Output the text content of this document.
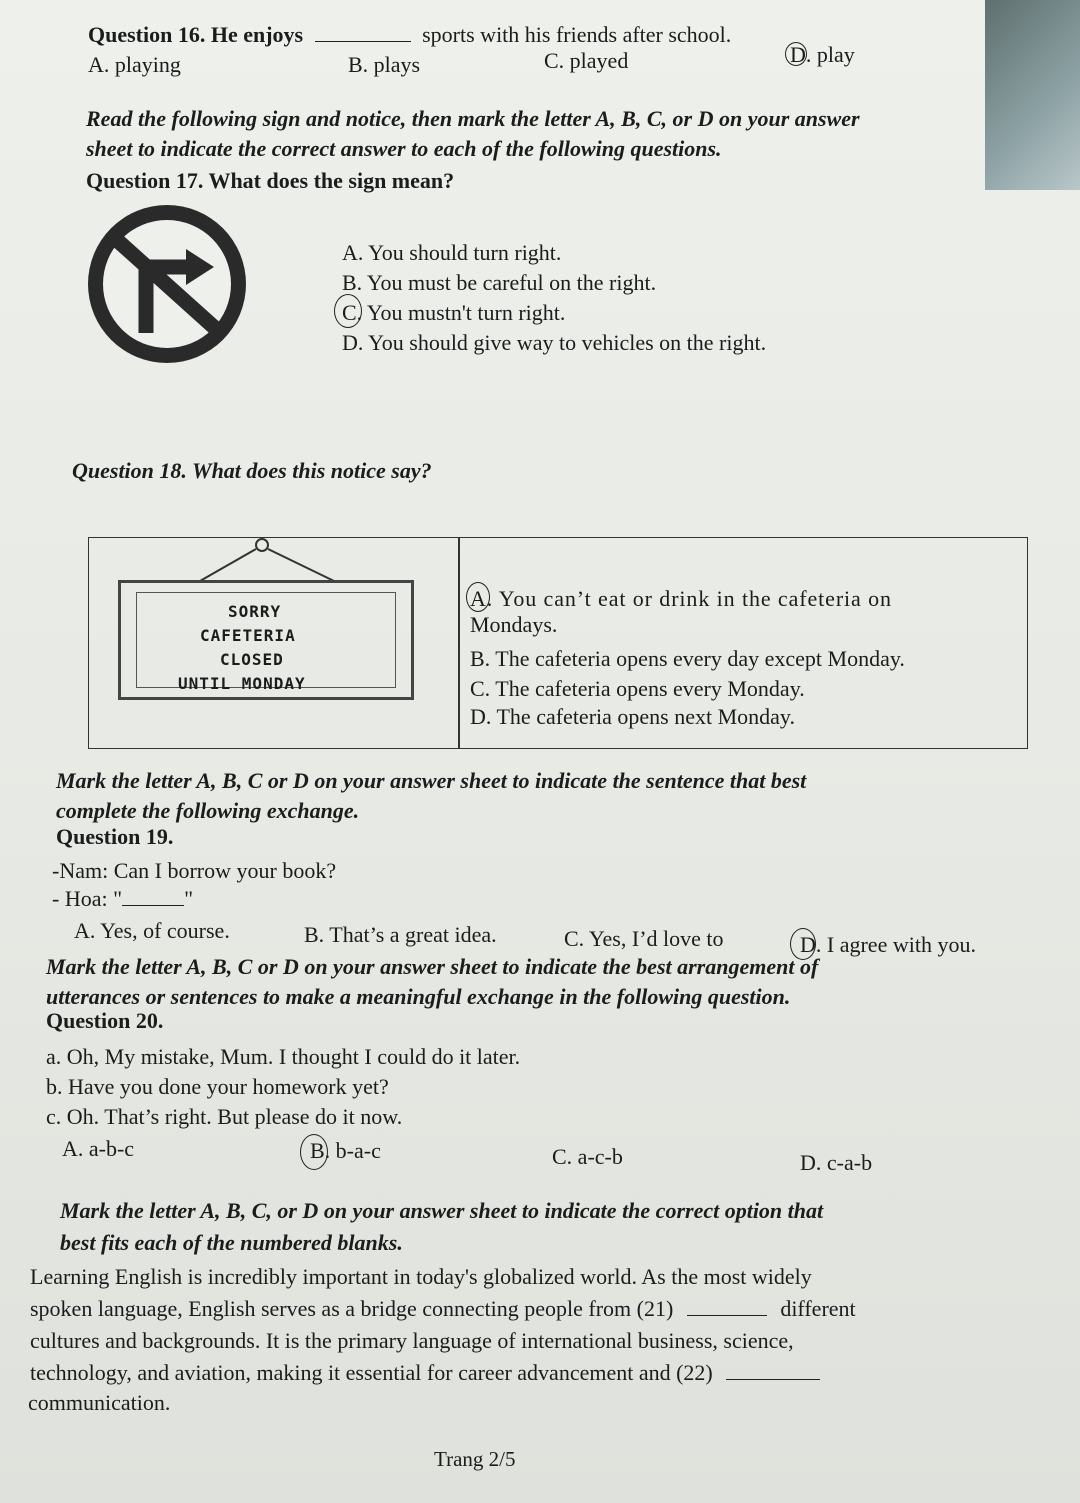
Question 16. He enjoys	sports with his friends after school.
A. playing	B. plays	C. played	D. play
Read the following sign and notice, then mark the letter A, B, C, or D on your answer
sheet to indicate the correct answer to each of the following questions.
Question 17. What does the sign mean?
A. You should turn right.
B. You must be careful on the right.
C. You mustn't turn right.
D. You should give way to vehicles on the right.
Question 18. What does this notice say?
SORRY
CAFETERIA
CLOSED
UNTIL MONDAY
A. You can’t eat or drink in the cafeteria on
Mondays.
B. The cafeteria opens every day except Monday.
C. The cafeteria opens every Monday.
D. The cafeteria opens next Monday.
Mark the letter A, B, C or D on your answer sheet to indicate the sentence that best
complete the following exchange.
Question 19.
-Nam: Can I borrow your book?
- Hoa: "	"
A. Yes, of course.	B. That’s a great idea.	C. Yes, I’d love to	D. I agree with you.
Mark the letter A, B, C or D on your answer sheet to indicate the best arrangement of
utterances or sentences to make a meaningful exchange in the following question.
Question 20.
a. Oh, My mistake, Mum. I thought I could do it later.
b. Have you done your homework yet?
c. Oh. That’s right. But please do it now.
A. a-b-c	B. b-a-c	C. a-c-b	D. c-a-b
Mark the letter A, B, C, or D on your answer sheet to indicate the correct option that
best fits each of the numbered blanks.
Learning English is incredibly important in today's globalized world. As the most widely
spoken language, English serves as a bridge connecting people from (21)	different
cultures and backgrounds. It is the primary language of international business, science,
technology, and aviation, making it essential for career advancement and (22)
communication.
Trang 2/5
